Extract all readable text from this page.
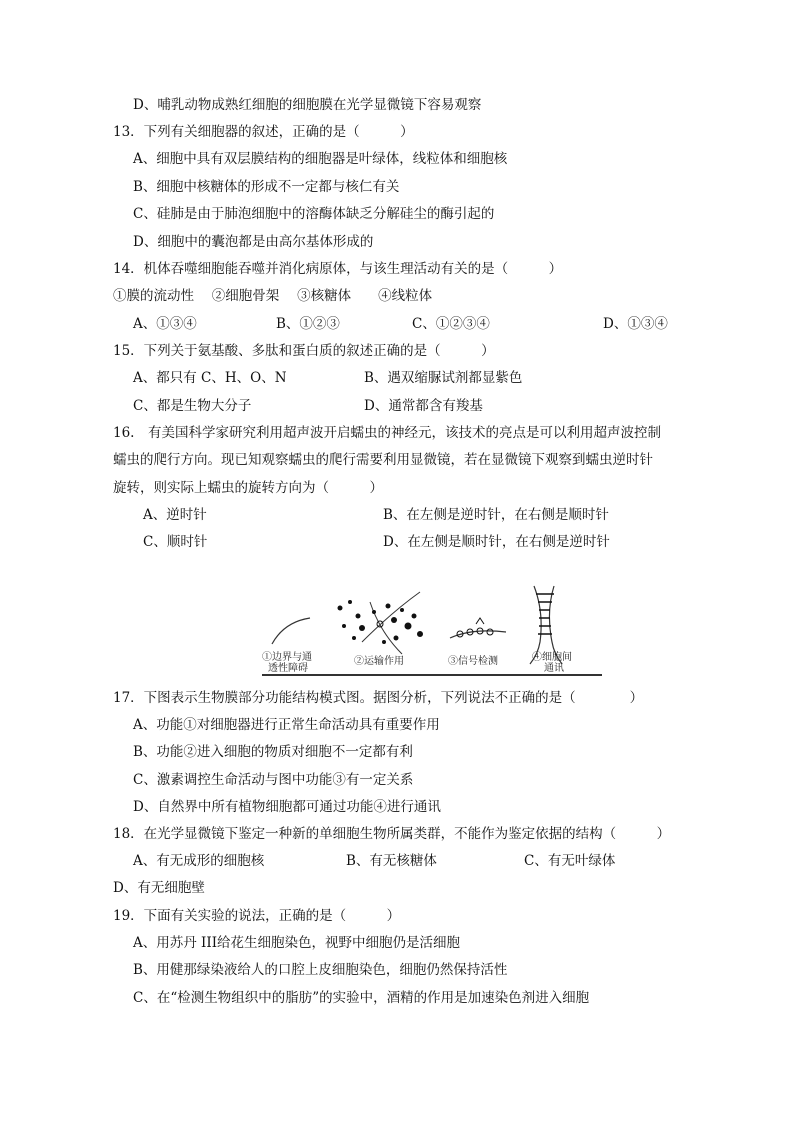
D、哺乳动物成熟红细胞的细胞膜在光学显微镜下容易观察
13．下列有关细胞器的叙述，正确的是（　　　）
A、细胞中具有双层膜结构的细胞器是叶绿体，线粒体和细胞核
B、细胞中核糖体的形成不一定都与核仁有关
C、硅肺是由于肺泡细胞中的溶酶体缺乏分解硅尘的酶引起的
D、细胞中的囊泡都是由高尔基体形成的
14．机体吞噬细胞能吞噬并消化病原体，与该生理活动有关的是（　　　）
①膜的流动性　 ②细胞骨架　 ③核糖体　　④线粒体
A、①③④	B、①②③	C、①②③④	D、①③④
15．下列关于氨基酸、多肽和蛋白质的叙述正确的是（　　　）
A、都只有 C、H、O、N	B、遇双缩脲试剂都显紫色
C、都是生物大分子	D、通常都含有羧基
16.　有美国科学家研究利用超声波开启蠕虫的神经元，该技术的亮点是可以利用超声波控制
蠕虫的爬行方向。现已知观察蠕虫的爬行需要利用显微镜，若在显微镜下观察到蠕虫逆时针
旋转，则实际上蠕虫的旋转方向为（　　　）
A、逆时针	B、在左侧是逆时针，在右侧是顺时针
C、顺时针	D、在左侧是顺时针，在右侧是逆时针
①边界与通
透性障碍
②运输作用	③信号检测	④细胞间
通讯
17．下图表示生物膜部分功能结构模式图。据图分析，下列说法不正确的是（　　　　）
A、功能①对细胞器进行正常生命活动具有重要作用
B、功能②进入细胞的物质对细胞不一定都有利
C、激素调控生命活动与图中功能③有一定关系
D、自然界中所有植物细胞都可通过功能④进行通讯
18．在光学显微镜下鉴定一种新的单细胞生物所属类群，不能作为鉴定依据的结构（　　　）
A、有无成形的细胞核	B、有无核糖体	C、有无叶绿体
D、有无细胞壁
19．下面有关实验的说法，正确的是（　　　）
A、用苏丹 III给花生细胞染色，视野中细胞仍是活细胞
B、用健那绿染液给人的口腔上皮细胞染色，细胞仍然保持活性
C、在“检测生物组织中的脂肪”的实验中，酒精的作用是加速染色剂进入细胞
